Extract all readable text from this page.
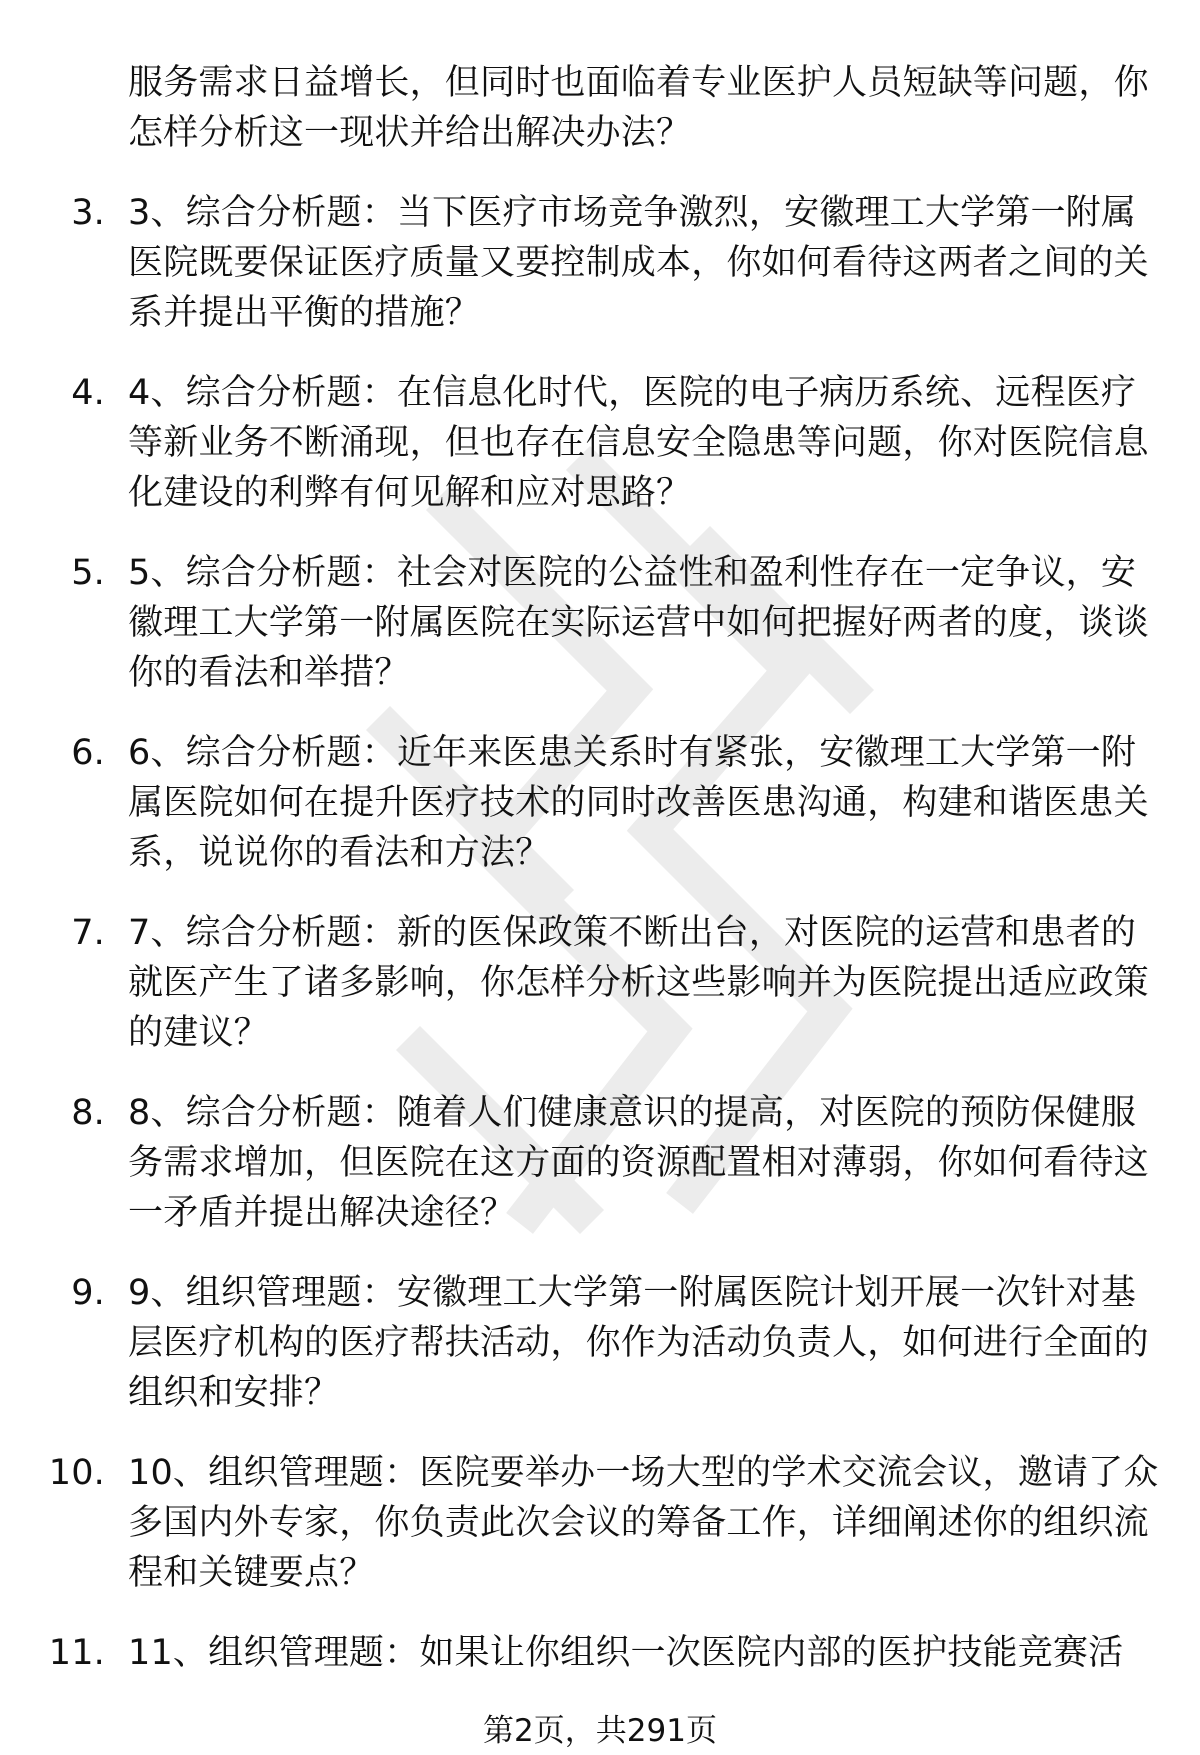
服务需求日益增长，但同时也面临着专业医护人员短缺等问题，你怎样分析这一现状并给出解决办法？
3. 3、综合分析题：当下医疗市场竞争激烈，安徽理工大学第一附属医院既要保证医疗质量又要控制成本，你如何看待这两者之间的关系并提出平衡的措施？
4. 4、综合分析题：在信息化时代，医院的电子病历系统、远程医疗等新业务不断涌现，但也存在信息安全隐患等问题，你对医院信息化建设的利弊有何见解和应对思路？
5. 5、综合分析题：社会对医院的公益性和盈利性存在一定争议，安徽理工大学第一附属医院在实际运营中如何把握好两者的度，谈谈你的看法和举措？
6. 6、综合分析题：近年来医患关系时有紧张，安徽理工大学第一附属医院如何在提升医疗技术的同时改善医患沟通，构建和谐医患关系，说说你的看法和方法？
7. 7、综合分析题：新的医保政策不断出台，对医院的运营和患者的就医产生了诸多影响，你怎样分析这些影响并为医院提出适应政策的建议？
8. 8、综合分析题：随着人们健康意识的提高，对医院的预防保健服务需求增加，但医院在这方面的资源配置相对薄弱，你如何看待这一矛盾并提出解决途径？
9. 9、组织管理题：安徽理工大学第一附属医院计划开展一次针对基层医疗机构的医疗帮扶活动，你作为活动负责人，如何进行全面的组织和安排？
10. 10、组织管理题：医院要举办一场大型的学术交流会议，邀请了众多国内外专家，你负责此次会议的筹备工作，详细阐述你的组织流程和关键要点？
11. 11、组织管理题：如果让你组织一次医院内部的医护技能竞赛活
第2页，共291页
